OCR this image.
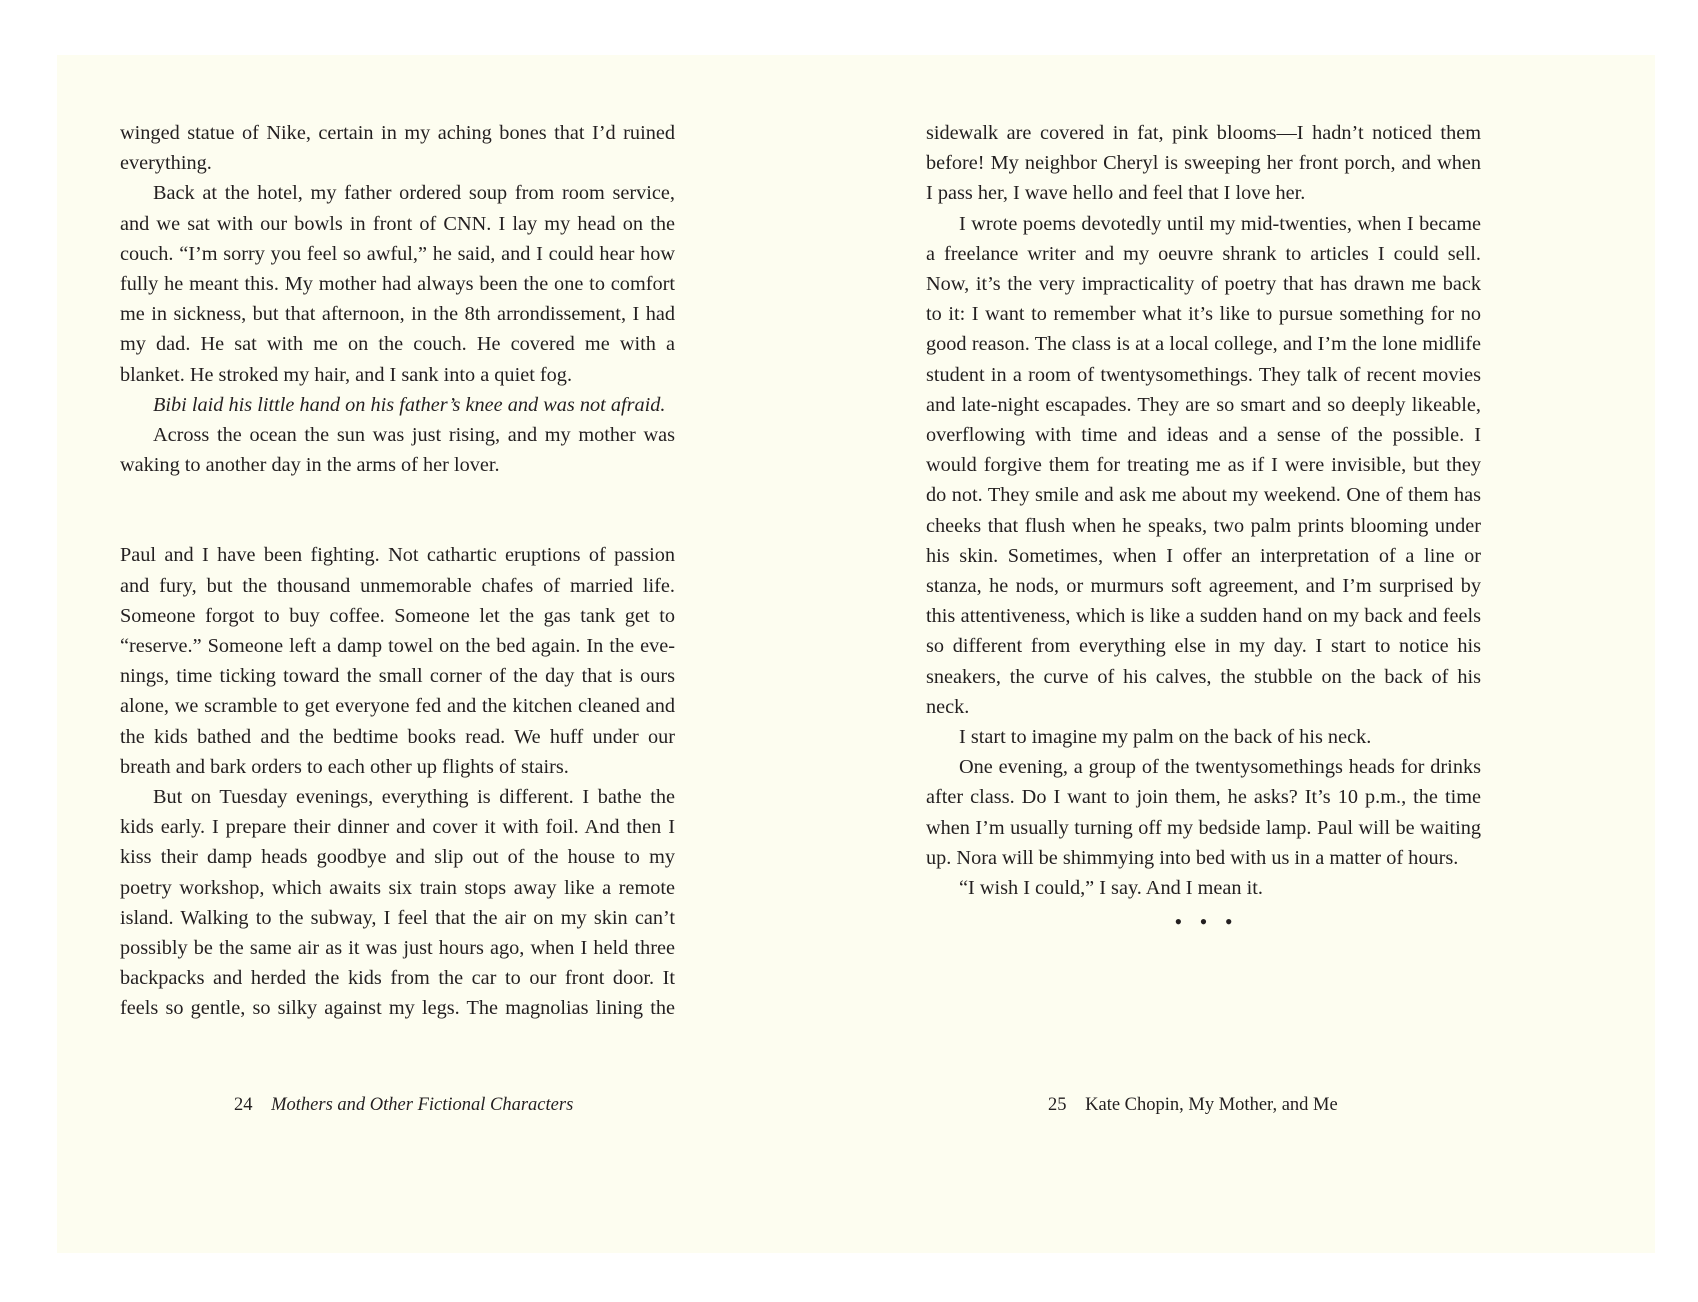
winged statue of Nike, certain in my aching bones that I’d ruined everything.

Back at the hotel, my father ordered soup from room service, and we sat with our bowls in front of CNN. I lay my head on the couch. “I’m sorry you feel so awful,” he said, and I could hear how fully he meant this. My mother had always been the one to comfort me in sickness, but that afternoon, in the 8th arrondissement, I had my dad. He sat with me on the couch. He covered me with a blanket. He stroked my hair, and I sank into a quiet fog.

Bibi laid his little hand on his father’s knee and was not afraid.

Across the ocean the sun was just rising, and my mother was waking to another day in the arms of her lover.

Paul and I have been fighting. Not cathartic eruptions of passion and fury, but the thousand unmemorable chafes of married life. Someone forgot to buy coffee. Someone let the gas tank get to “reserve.” Someone left a damp towel on the bed again. In the evenings, time ticking toward the small corner of the day that is ours alone, we scramble to get everyone fed and the kitchen cleaned and the kids bathed and the bedtime books read. We huff under our breath and bark orders to each other up flights of stairs.

But on Tuesday evenings, everything is different. I bathe the kids early. I prepare their dinner and cover it with foil. And then I kiss their damp heads goodbye and slip out of the house to my poetry workshop, which awaits six train stops away like a remote island. Walking to the subway, I feel that the air on my skin can’t possibly be the same air as it was just hours ago, when I held three backpacks and herded the kids from the car to our front door. It feels so gentle, so silky against my legs. The magnolias lining the

sidewalk are covered in fat, pink blooms—I hadn’t noticed them before! My neighbor Cheryl is sweeping her front porch, and when I pass her, I wave hello and feel that I love her.

I wrote poems devotedly until my mid-twenties, when I became a freelance writer and my oeuvre shrank to articles I could sell. Now, it’s the very impracticality of poetry that has drawn me back to it: I want to remember what it’s like to pursue something for no good reason. The class is at a local college, and I’m the lone midlife student in a room of twentysomethings. They talk of recent movies and late-night escapades. They are so smart and so deeply likeable, overflowing with time and ideas and a sense of the possible. I would forgive them for treating me as if I were invisible, but they do not. They smile and ask me about my weekend. One of them has cheeks that flush when he speaks, two palm prints blooming under his skin. Sometimes, when I offer an interpretation of a line or stanza, he nods, or murmurs soft agreement, and I’m surprised by this attentiveness, which is like a sudden hand on my back and feels so different from everything else in my day. I start to notice his sneakers, the curve of his calves, the stubble on the back of his neck.

I start to imagine my palm on the back of his neck.

One evening, a group of the twentysomethings heads for drinks after class. Do I want to join them, he asks? It’s 10 p.m., the time when I’m usually turning off my bedside lamp. Paul will be waiting up. Nora will be shimmying into bed with us in a matter of hours.

“I wish I could,” I say. And I mean it.

• • •
24 Mothers and Other Fictional Characters	25 Kate Chopin, My Mother, and Me
